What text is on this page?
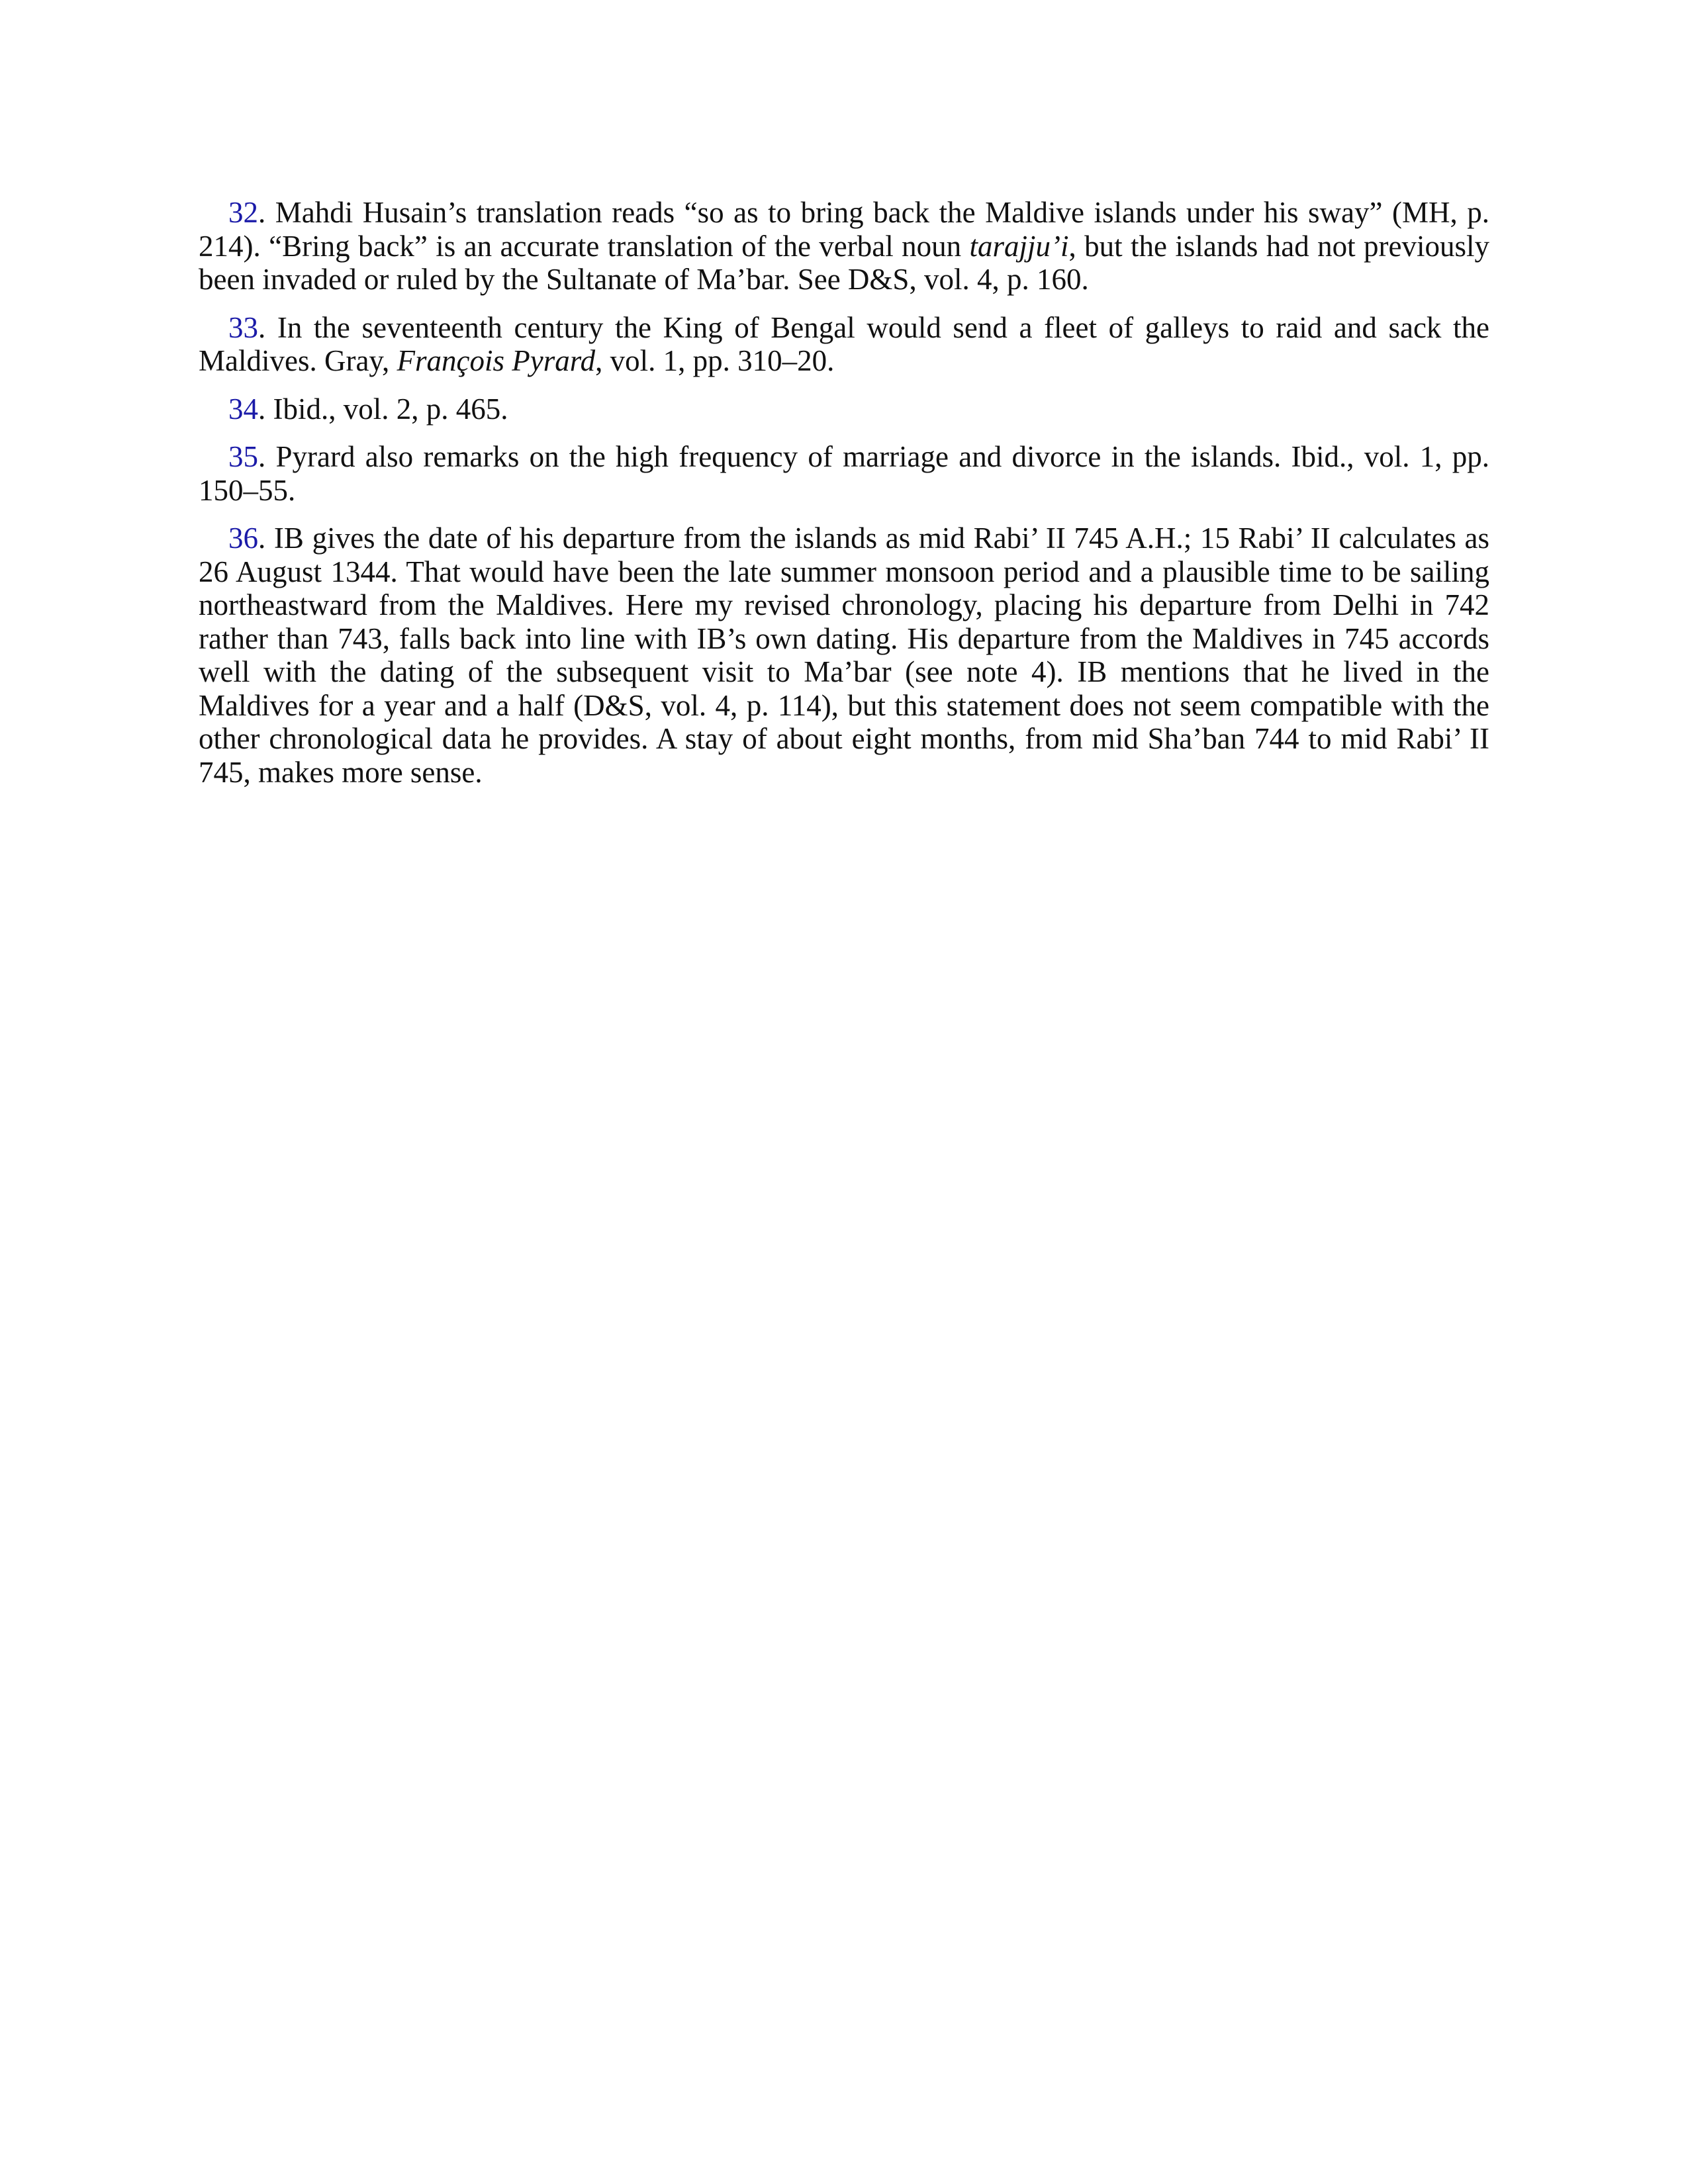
32. Mahdi Husain’s translation reads “so as to bring back the Maldive islands under his sway” (MH, p. 214). “Bring back” is an accurate translation of the verbal noun tarajju’i, but the islands had not previously been invaded or ruled by the Sultanate of Ma’bar. See D&S, vol. 4, p. 160.

33. In the seventeenth century the King of Bengal would send a fleet of galleys to raid and sack the Maldives. Gray, François Pyrard, vol. 1, pp. 310–20.

34. Ibid., vol. 2, p. 465.

35. Pyrard also remarks on the high frequency of marriage and divorce in the islands. Ibid., vol. 1, pp. 150–55.

36. IB gives the date of his departure from the islands as mid Rabi’ II 745 A.H.; 15 Rabi’ II calculates as 26 August 1344. That would have been the late summer monsoon period and a plausible time to be sailing northeastward from the Maldives. Here my revised chronology, placing his departure from Delhi in 742 rather than 743, falls back into line with IB’s own dating. His departure from the Maldives in 745 accords well with the dating of the subsequent visit to Ma’bar (see note 4). IB mentions that he lived in the Maldives for a year and a half (D&S, vol. 4, p. 114), but this statement does not seem compatible with the other chronological data he provides. A stay of about eight months, from mid Sha’ban 744 to mid Rabi’ II 745, makes more sense.
